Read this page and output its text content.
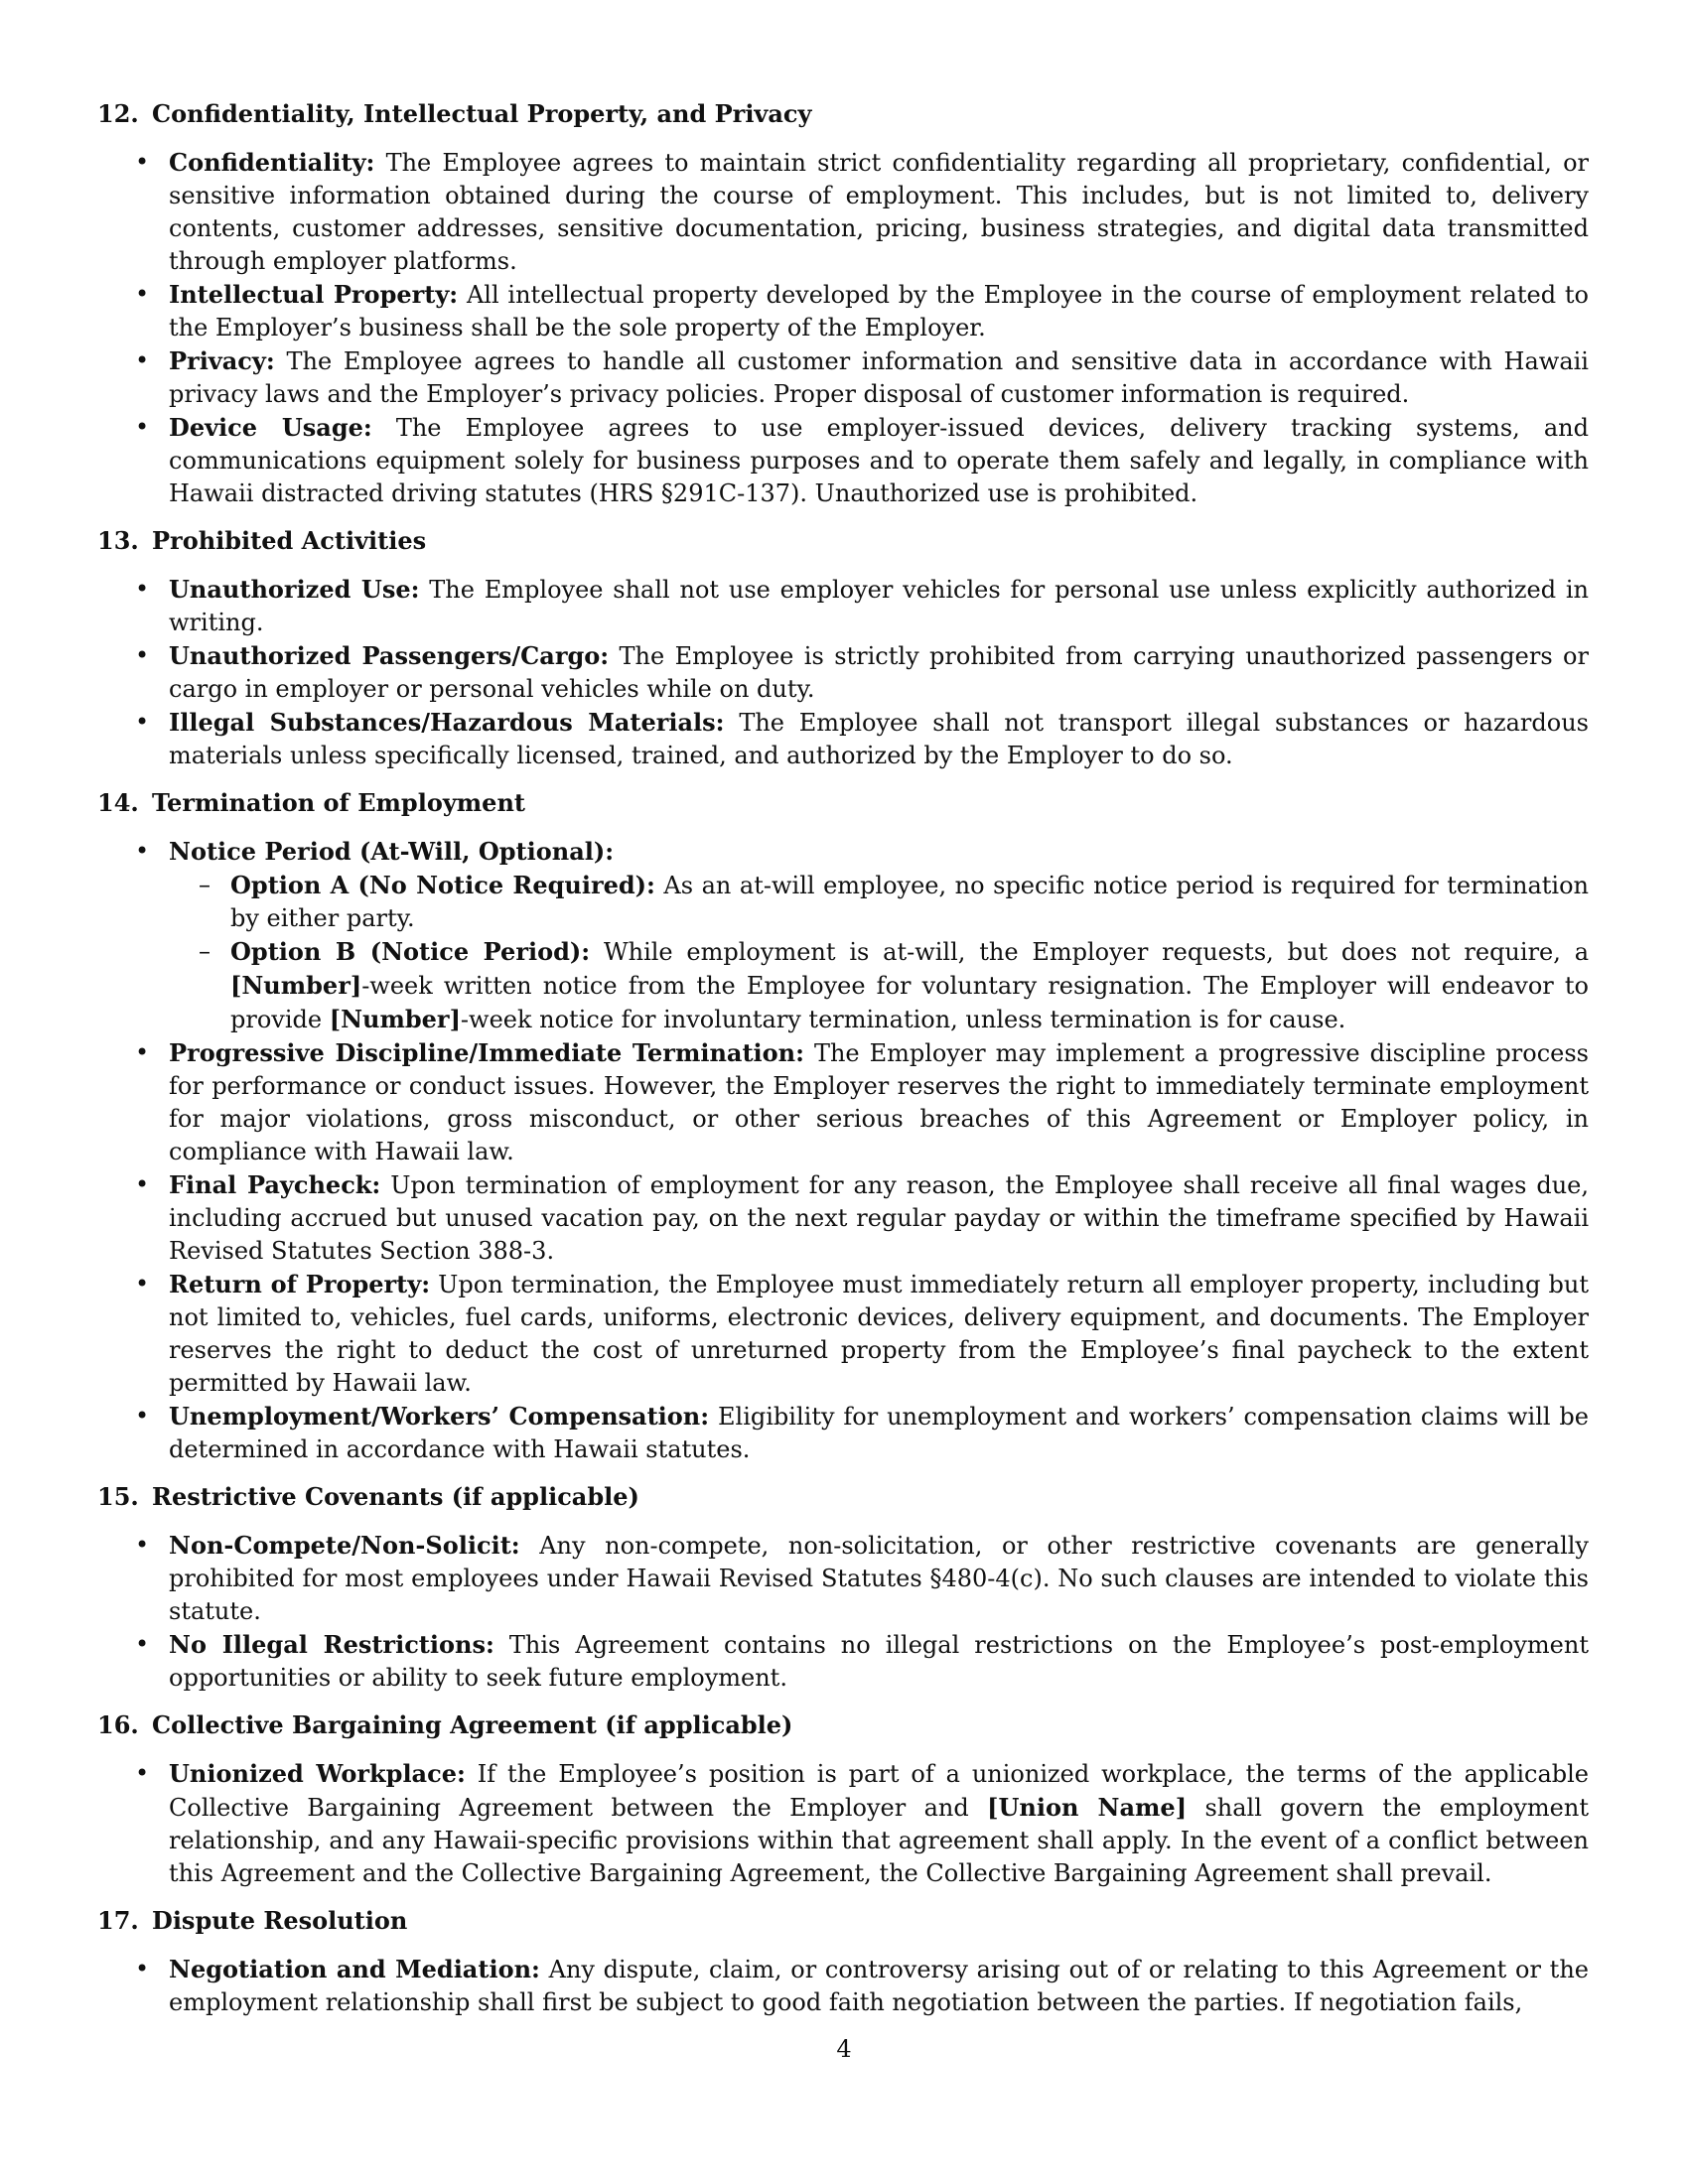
12. Confidentiality, Intellectual Property, and Privacy
• Confidentiality: The Employee agrees to maintain strict confidentiality regarding all proprietary, confidential, or sensitive information obtained during the course of employment. This includes, but is not limited to, delivery contents, customer addresses, sensitive documentation, pricing, business strategies, and digital data transmitted through employer platforms.
• Intellectual Property: All intellectual property developed by the Employee in the course of employment related to the Employer’s business shall be the sole property of the Employer.
• Privacy: The Employee agrees to handle all customer information and sensitive data in accordance with Hawaii privacy laws and the Employer’s privacy policies. Proper disposal of customer information is required.
• Device Usage: The Employee agrees to use employer-issued devices, delivery tracking systems, and communications equipment solely for business purposes and to operate them safely and legally, in compliance with Hawaii distracted driving statutes (HRS §291C-137). Unauthorized use is prohibited.
13. Prohibited Activities
• Unauthorized Use: The Employee shall not use employer vehicles for personal use unless explicitly authorized in writing.
• Unauthorized Passengers/Cargo: The Employee is strictly prohibited from carrying unauthorized passengers or cargo in employer or personal vehicles while on duty.
• Illegal Substances/Hazardous Materials: The Employee shall not transport illegal substances or hazardous materials unless specifically licensed, trained, and authorized by the Employer to do so.
14. Termination of Employment
• Notice Period (At-Will, Optional):
– Option A (No Notice Required): As an at-will employee, no specific notice period is required for termination by either party.
– Option B (Notice Period): While employment is at-will, the Employer requests, but does not require, a [Number]-week written notice from the Employee for voluntary resignation. The Employer will endeavor to provide [Number]-week notice for involuntary termination, unless termination is for cause.
• Progressive Discipline/Immediate Termination: The Employer may implement a progressive discipline process for performance or conduct issues. However, the Employer reserves the right to immediately terminate employment for major violations, gross misconduct, or other serious breaches of this Agreement or Employer policy, in compliance with Hawaii law.
• Final Paycheck: Upon termination of employment for any reason, the Employee shall receive all final wages due, including accrued but unused vacation pay, on the next regular payday or within the timeframe specified by Hawaii Revised Statutes Section 388-3.
• Return of Property: Upon termination, the Employee must immediately return all employer property, including but not limited to, vehicles, fuel cards, uniforms, electronic devices, delivery equipment, and documents. The Employer reserves the right to deduct the cost of unreturned property from the Employee’s final paycheck to the extent permitted by Hawaii law.
• Unemployment/Workers’ Compensation: Eligibility for unemployment and workers’ compensation claims will be determined in accordance with Hawaii statutes.
15. Restrictive Covenants (if applicable)
• Non-Compete/Non-Solicit: Any non-compete, non-solicitation, or other restrictive covenants are generally prohibited for most employees under Hawaii Revised Statutes §480-4(c). No such clauses are intended to violate this statute.
• No Illegal Restrictions: This Agreement contains no illegal restrictions on the Employee’s post-employment opportunities or ability to seek future employment.
16. Collective Bargaining Agreement (if applicable)
• Unionized Workplace: If the Employee’s position is part of a unionized workplace, the terms of the applicable Collective Bargaining Agreement between the Employer and [Union Name] shall govern the employment relationship, and any Hawaii-specific provisions within that agreement shall apply. In the event of a conflict between this Agreement and the Collective Bargaining Agreement, the Collective Bargaining Agreement shall prevail.
17. Dispute Resolution
• Negotiation and Mediation: Any dispute, claim, or controversy arising out of or relating to this Agreement or the employment relationship shall first be subject to good faith negotiation between the parties. If negotiation fails,
4
